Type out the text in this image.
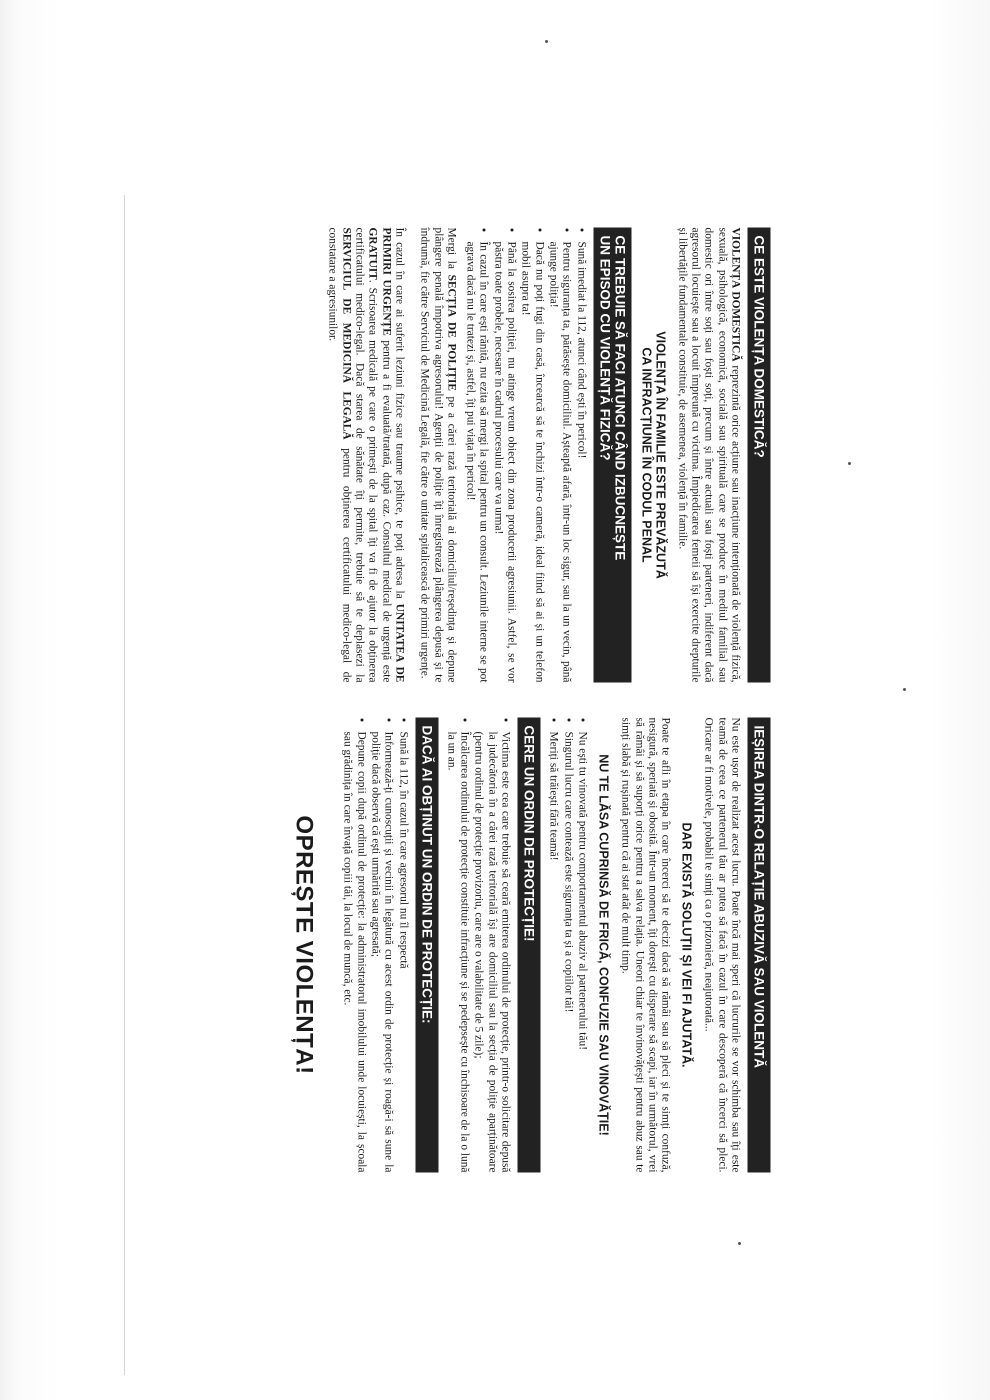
CE ESTE VIOLENȚA DOMESTICĂ?

VIOLENȚA DOMESTICĂ reprezintă orice acțiune sau inacțiune intenționată de violență fizică, sexuală, psihologică, economică, socială sau spirituală care se produce în mediul familial sau domestic ori între soți sau foști soți, precum și între actuali sau foști parteneri, indiferent dacă agresorul locuiește sau a locuit împreună cu victima. Împiedicarea femeii să își exercite drepturile și libertățile fundamentale constituie, de asemenea, violență în familie.

VIOLENȚA ÎN FAMILIE ESTE PREVĂZUTĂ
CA INFRACȚIUNE ÎN CODUL PENAL
CE TREBUIE SĂ FACI ATUNCI CÂND IZBUCNEȘTE
UN EPISOD CU VIOLENȚĂ FIZICĂ?
• Sună imediat la 112, atunci când ești în pericol!
• Pentru siguranța ta, părăsește domiciliul. Așteaptă afară, într-un loc sigur, sau la un vecin, până ajunge poliția!
• Dacă nu poți fugi din casă, încearcă să te închizi într-o cameră, ideal fiind să ai și un telefon mobil asupra ta!
• Până la sosirea poliției, nu atinge vreun obiect din zona producerii agresiunii. Astfel, se vor păstra toate probele, necesare în cadrul procesului care va urma!
• În cazul în care ești rănită, nu ezita să mergi la spital pentru un consult. Leziunile interne se pot agrava dacă nu le tratezi și, astfel, îți pui viața în pericol!

Mergi la SECȚIA DE POLIȚIE pe a cărei rază teritorială ai domiciliul/reședința și depune plângere penală împotriva agresorului! Agenții de poliție îți înregistrează plângerea depusă și te îndrumă, fie către Serviciul de Medicină Legală, fie către o unitate spitalicească de primiri urgențe.

În cazul în care ai suferit leziuni fizice sau traume psihice, te poți adresa la UNITATEA DE PRIMIRI URGENȚE pentru a fi evaluată/tratată, după caz. Consultul medical de urgență este GRATUIT. Scrisoarea medicală pe care o primești de la spital îți va fi de ajutor la obținerea certificatului medico-legal. Dacă starea de sănătate îți permite, trebuie să te deplasezi la SERVICIUL DE MEDICINĂ LEGALĂ pentru obținerea certificatului medico-legal de constatare a agresiunilor.

IEȘIREA DINTR-O RELAȚIE ABUZIVĂ SAU VIOLENTĂ

Nu este ușor de realizat acest lucru. Poate încă mai speri că lucrurile se vor schimba sau îți este teamă de ceea ce partenerul tău ar putea să facă în cazul în care descoperă că încerci să pleci. Oricare ar fi motivele, probabil te simți ca o prizonieră, neajutorată...

DAR EXISTĂ SOLUȚII ȘI VEI FI AJUTATĂ.

Poate te afli în etapa în care încerci să te decizi dacă să rămâi sau să pleci și te simți confuză, nesigură, speriată și obosită. Într-un moment, îți dorești cu disperare să scapi, iar în următorul, vrei să rămâi și să suporți orice pentru a salva relația. Uneori chiar te învinovățești pentru abuz sau te simți slabă și rușinată pentru că ai stat atât de mult timp.

NU TE LĂSA CUPRINSĂ DE FRICĂ, CONFUZIE SAU VINOVĂȚIE!
• Nu ești tu vinovată pentru comportamentul abuziv al partenerului tău!
• Singurul lucru care contează este siguranța ta și a copiilor tăi!
• Meriți să trăiești fără teamă!
CERE UN ORDIN DE PROTECȚIE!
• Victima este cea care trebuie să ceară emiterea ordinului de protecție, printr-o solicitare depusă la judecătoria în a cărei rază teritorială își are domiciliul sau la secția de poliție aparținătoare (pentru ordinul de protecție provizoriu, care are o valabilitate de 5 zile);
• Încălcarea ordinului de protecție constituie infracțiune și se pedepsește cu închisoare de la o lună la un an.
DACĂ AI OBȚINUT UN ORDIN DE PROTECȚIE:
• Sună la 112, în cazul în care agresorul nu îl respectă
• Informează-ți cunoscuții și vecinii în legătură cu acest ordin de protecție și roagă-i să sune la poliție dacă observă că ești urmărită sau agresată;
• Depune copii după ordinul de protecție: la administratorul imobilului unde locuiești, la școala sau grădinița în care învață copiii tăi, la locul de muncă, etc.
OPREȘTE VIOLENȚA!
